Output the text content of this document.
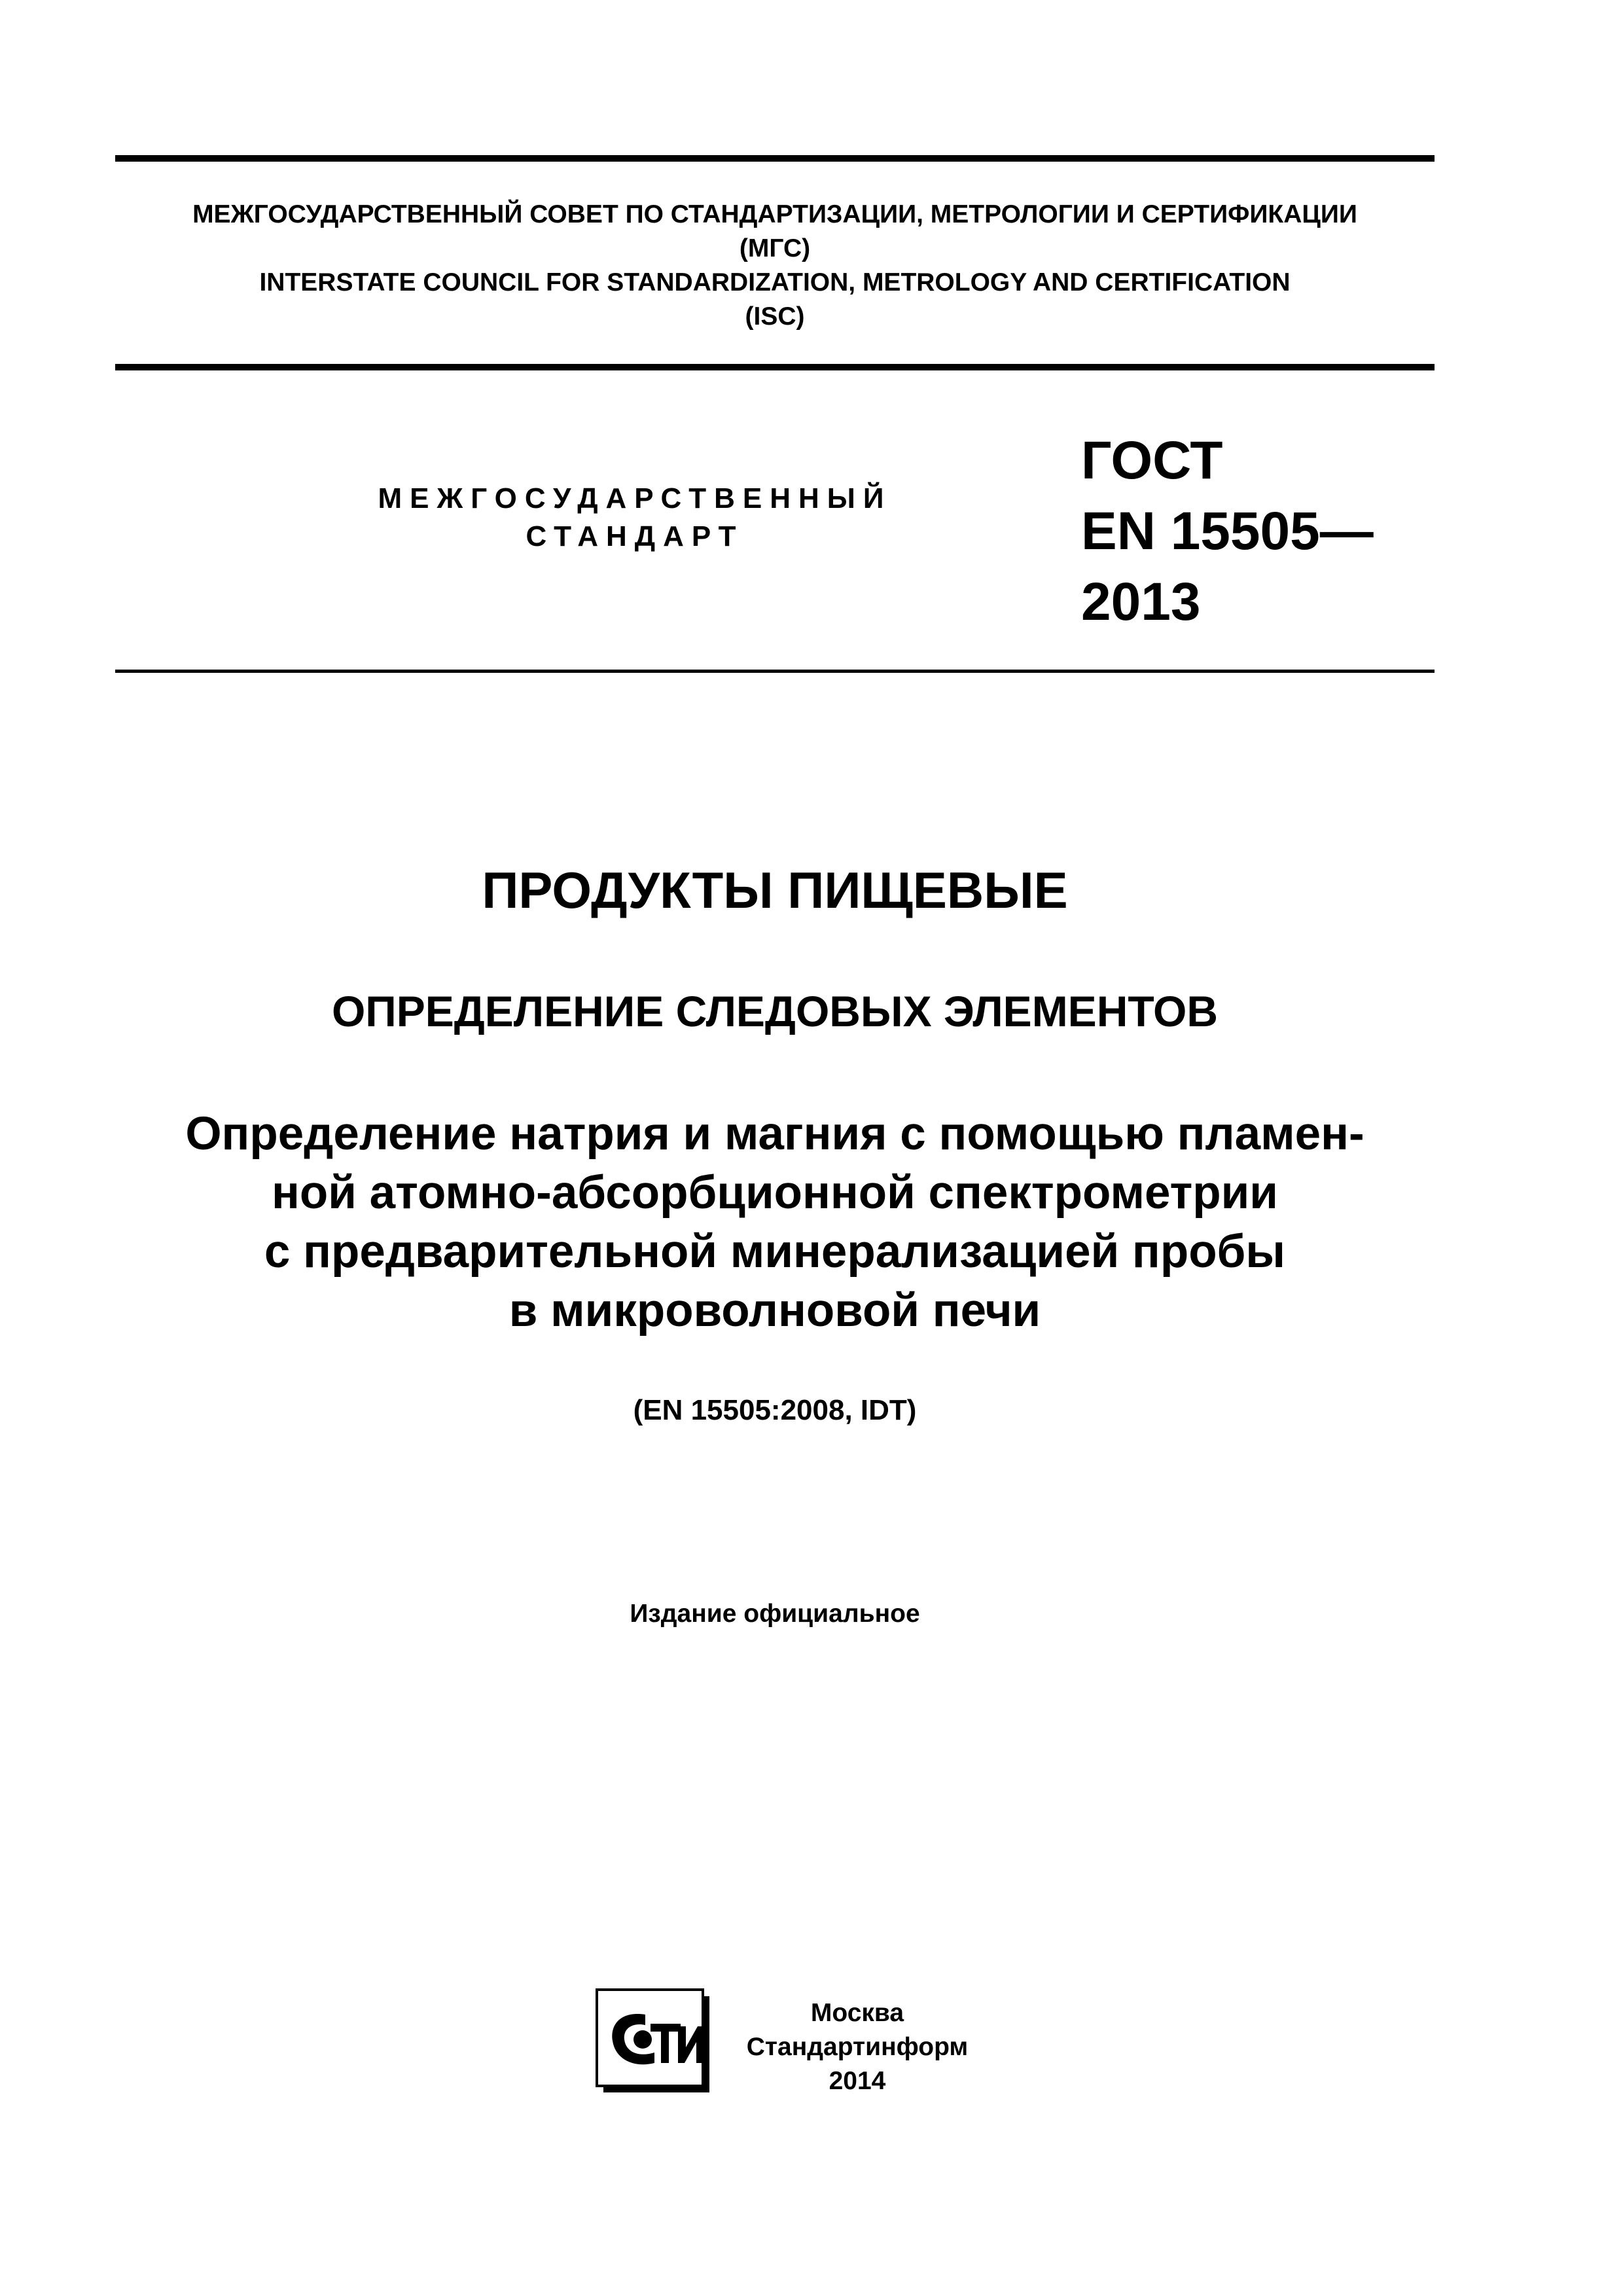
МЕЖГОСУДАРСТВЕННЫЙ СОВЕТ ПО СТАНДАРТИЗАЦИИ, МЕТРОЛОГИИ И СЕРТИФИКАЦИИ
(МГС)
INTERSTATE COUNCIL FOR STANDARDIZATION, METROLOGY AND CERTIFICATION
(ISC)
МЕЖГОСУДАРСТВЕННЫЙ
СТАНДАРТ
ГОСТ
EN 15505—
2013
ПРОДУКТЫ ПИЩЕВЫЕ
ОПРЕДЕЛЕНИЕ СЛЕДОВЫХ ЭЛЕМЕНТОВ
Определение натрия и магния с помощью пламен-
ной атомно-абсорбционной спектрометрии
с предварительной минерализацией пробы
в микроволновой печи
(EN 15505:2008, IDT)
Издание официальное
Москва
Стандартинформ
2014
